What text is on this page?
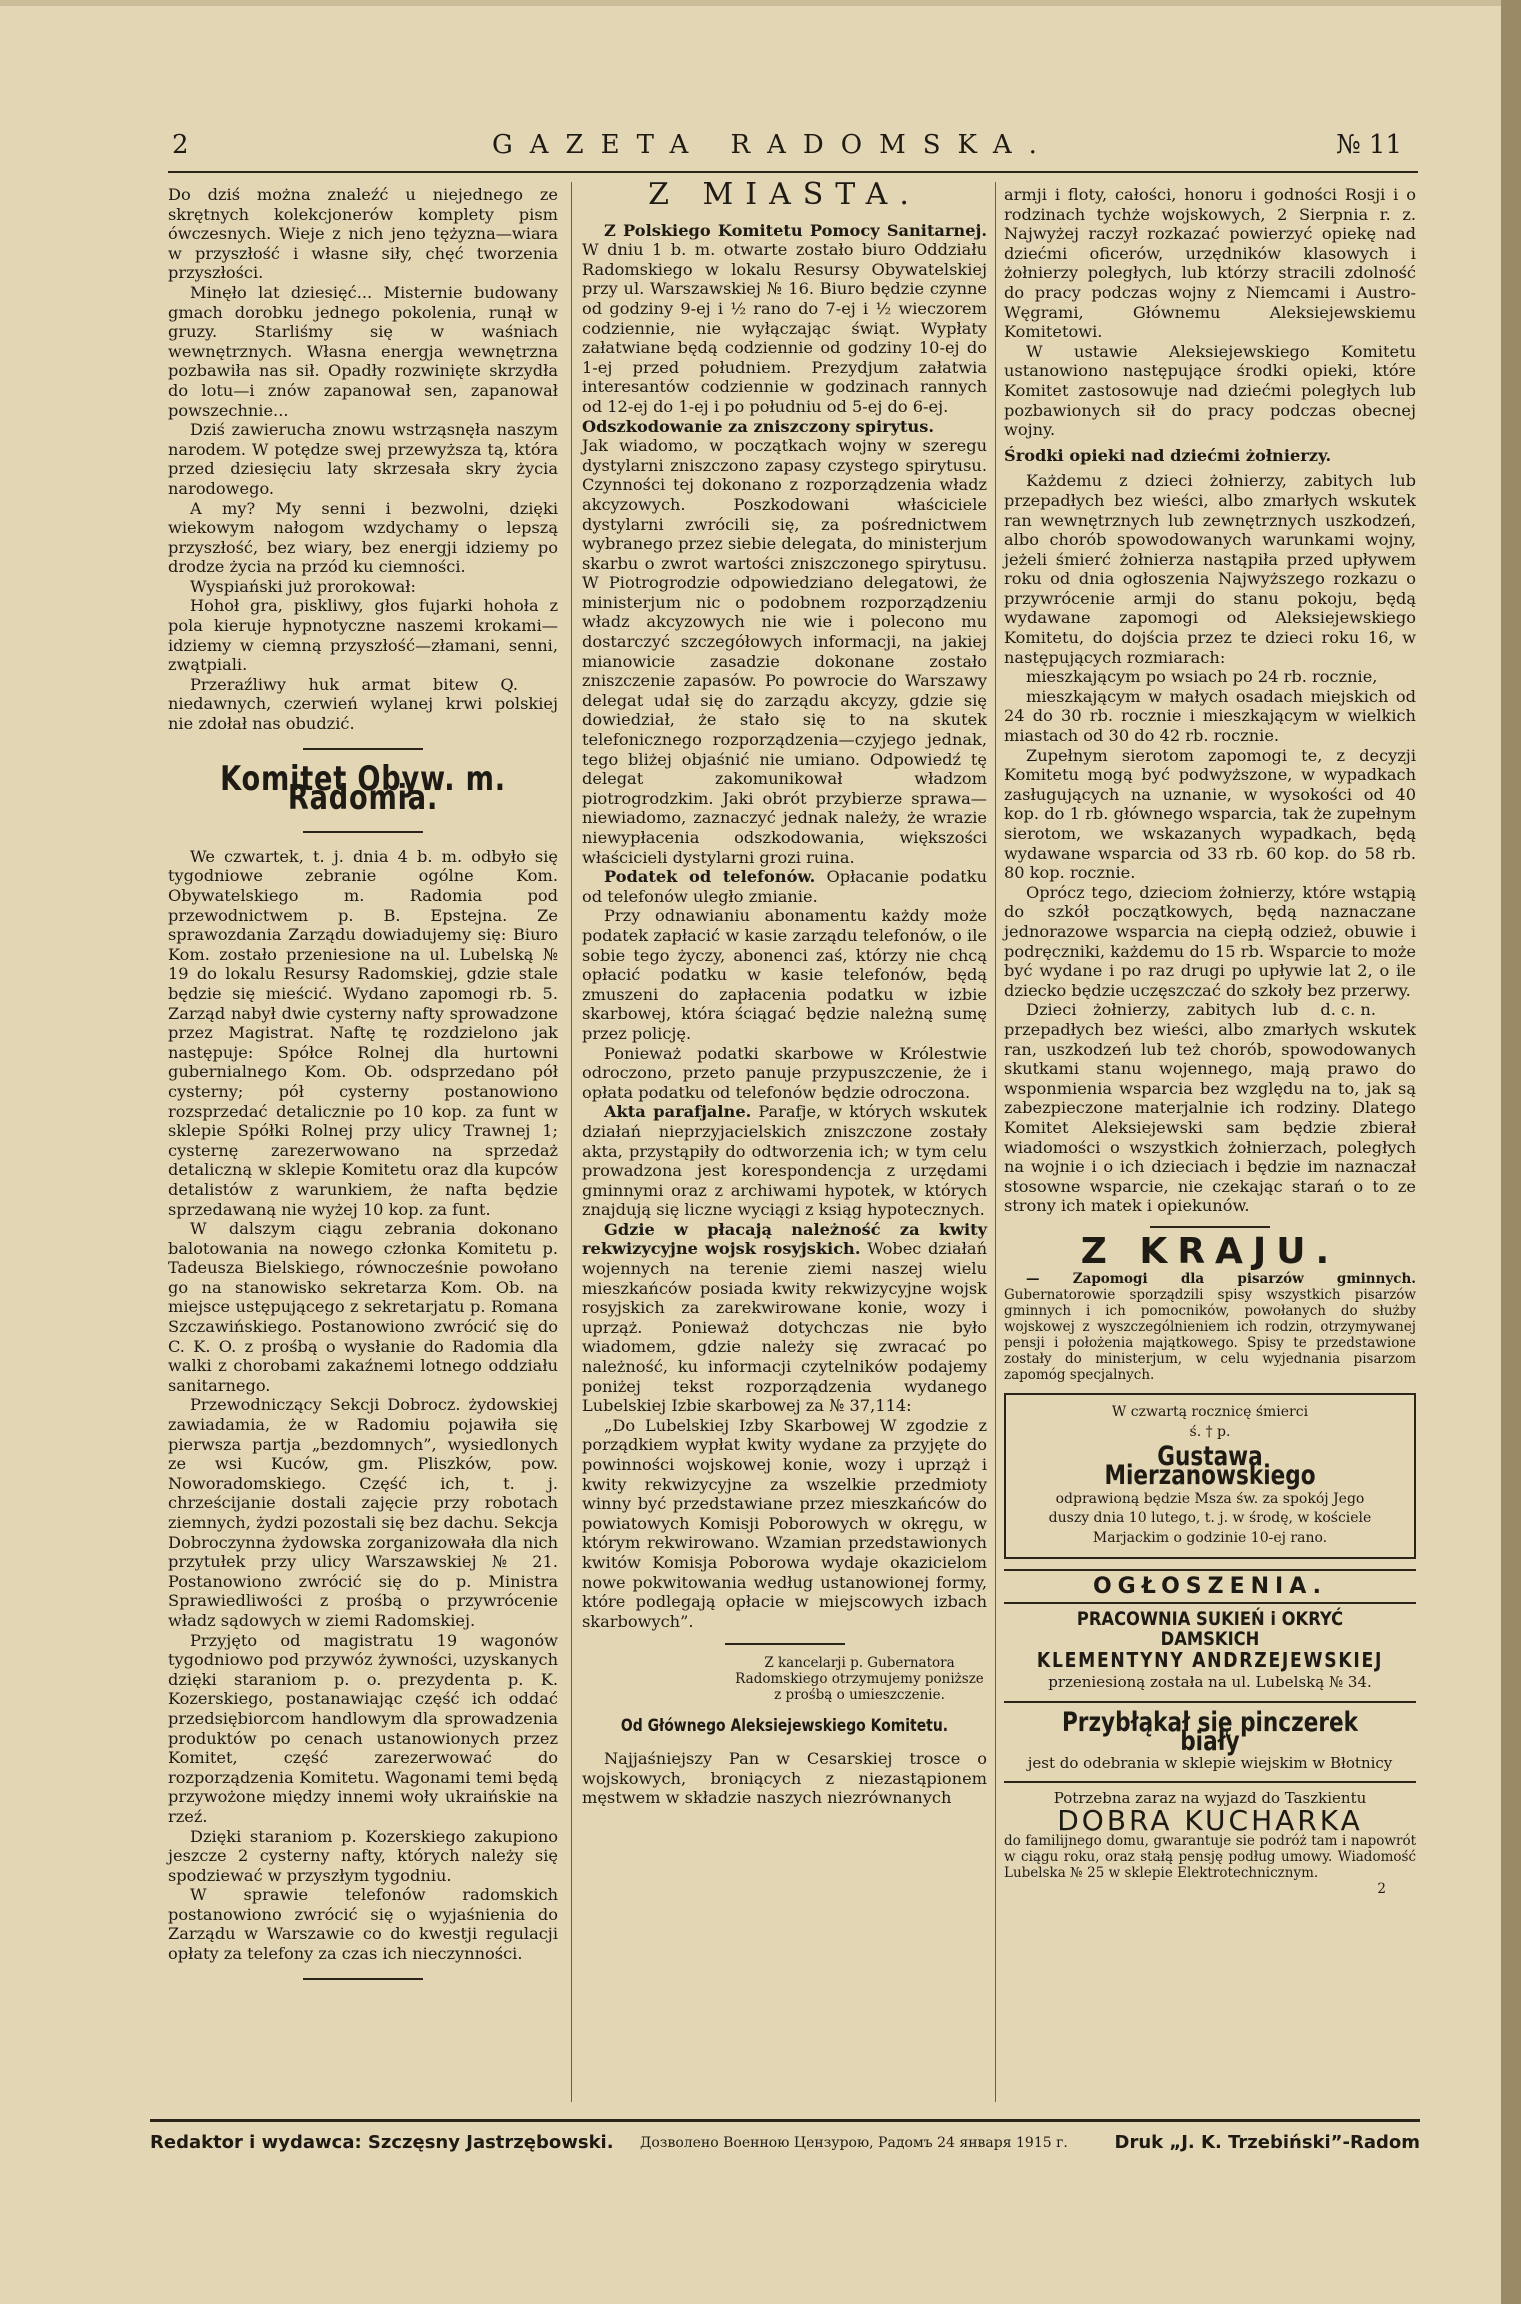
2	GAZETA RADOMSKA.	№ 11

Do dziś można znaleźć u niejednego ze skrętnych kolekcjonerów komplety pism ówczesnych. Wieje z nich jeno tężyzna—wiara w przyszłość i własne siły, chęć tworzenia przyszłości.

Minęło lat dziesięć... Misternie budowany gmach dorobku jednego pokolenia, runął w gruzy. Starliśmy się w waśniach wewnętrznych. Własna energja wewnętrzna pozbawiła nas sił. Opadły rozwinięte skrzydła do lotu—i znów zapanował sen, zapanował powszechnie...

Dziś zawierucha znowu wstrząsnęła naszym narodem. W potędze swej przewyższa tą, która przed dziesięciu laty skrzesała skry życia narodowego.

A my? My senni i bezwolni, dzięki wiekowym nałogom wzdychamy o lepszą przyszłość, bez wiary, bez energji idziemy po drodze życia na przód ku ciemności.

Wyspiański już prorokował:

Hohoł gra, piskliwy, głos fujarki hohoła z pola kieruje hypnotyczne naszemi krokami—idziemy w ciemną przyszłość—złamani, senni, zwątpiali.

Q.
Przeraźliwy huk armat bitew niedawnych, czerwień wylanej krwi polskiej nie zdołał nas obudzić.

Komitet Obyw. m. Radomia.

We czwartek, t. j. dnia 4 b. m. odbyło się tygodniowe zebranie ogólne Kom. Obywatelskiego m. Radomia pod przewodnictwem p. B. Epstejna. Ze sprawozdania Zarządu dowiadujemy się: Biuro Kom. zostało przeniesione na ul. Lubelską № 19 do lokalu Resursy Radomskiej, gdzie stale będzie się mieścić. Wydano zapomogi rb. 5. Zarząd nabył dwie cysterny nafty sprowadzone przez Magistrat. Naftę tę rozdzielono jak następuje: Spółce Rolnej dla hurtowni gubernialnego Kom. Ob. odsprzedano pół cysterny; pół cysterny postanowiono rozsprzedać detalicznie po 10 kop. za funt w sklepie Spółki Rolnej przy ulicy Trawnej 1; cysternę zarezerwowano na sprzedaż detaliczną w sklepie Komitetu oraz dla kupców detalistów z warunkiem, że nafta będzie sprzedawaną nie wyżej 10 kop. za funt.

W dalszym ciągu zebrania dokonano balotowania na nowego członka Komitetu p. Tadeusza Bielskiego, równocześnie powołano go na stanowisko sekretarza Kom. Ob. na miejsce ustępującego z sekretarjatu p. Romana Szczawińskiego. Postanowiono zwrócić się do C. K. O. z prośbą o wysłanie do Radomia dla walki z chorobami zakaźnemi lotnego oddziału sanitarnego.

Przewodniczący Sekcji Dobrocz. żydowskiej zawiadamia, że w Radomiu pojawiła się pierwsza partja „bezdomnych”, wysiedlonych ze wsi Kuców, gm. Pliszków, pow. Noworadomskiego. Część ich, t. j. chrześcijanie dostali zajęcie przy robotach ziemnych, żydzi pozostali się bez dachu. Sekcja Dobroczynna żydowska zorganizowała dla nich przytułek przy ulicy Warszawskiej № 21. Postanowiono zwrócić się do p. Ministra Sprawiedliwości z prośbą o przywrócenie władz sądowych w ziemi Radomskiej.

Przyjęto od magistratu 19 wagonów tygodniowo pod przywóz żywności, uzyskanych dzięki staraniom p. o. prezydenta p. K. Kozerskiego, postanawiając część ich oddać przedsiębiorcom handlowym dla sprowadzenia produktów po cenach ustanowionych przez Komitet, część zarezerwować do rozporządzenia Komitetu. Wagonami temi będą przywożone między innemi woły ukraińskie na rzeź.

Dzięki staraniom p. Kozerskiego zakupiono jeszcze 2 cysterny nafty, których należy się spodziewać w przyszłym tygodniu.

W sprawie telefonów radomskich postanowiono zwrócić się o wyjaśnienia do Zarządu w Warszawie co do kwestji regulacji opłaty za telefony za czas ich nieczynności.

Z MIASTA.

Z Polskiego Komitetu Pomocy Sanitarnej. W dniu 1 b. m. otwarte zostało biuro Oddziału Radomskiego w lokalu Resursy Obywatelskiej przy ul. Warszawskiej № 16. Biuro będzie czynne od godziny 9-ej i ½ rano do 7-ej i ½ wieczorem codziennie, nie wyłączając świąt. Wypłaty załatwiane będą codziennie od godziny 10-ej do 1-ej przed południem. Prezydjum załatwia interesantów codziennie w godzinach rannych od 12-ej do 1-ej i po południu od 5-ej do 6-ej.

Odszkodowanie za zniszczony spirytus.

Jak wiadomo, w początkach wojny w szeregu dystylarni zniszczono zapasy czystego spirytusu. Czynności tej dokonano z rozporządzenia władz akcyzowych. Poszkodowani właściciele dystylarni zwrócili się, za pośrednictwem wybranego przez siebie delegata, do ministerjum skarbu o zwrot wartości zniszczonego spirytusu. W Piotrogrodzie odpowiedziano delegatowi, że ministerjum nic o podobnem rozporządzeniu władz akcyzowych nie wie i polecono mu dostarczyć szczegółowych informacji, na jakiej mianowicie zasadzie dokonane zostało zniszczenie zapasów. Po powrocie do Warszawy delegat udał się do zarządu akcyzy, gdzie się dowiedział, że stało się to na skutek telefonicznego rozporządzenia—czyjego jednak, tego bliżej objaśnić nie umiano. Odpowiedź tę delegat zakomunikował władzom piotrogrodzkim. Jaki obrót przybierze sprawa—niewiadomo, zaznaczyć jednak należy, że wrazie niewypłacenia odszkodowania, większości właścicieli dystylarni grozi ruina.

Podatek od telefonów. Opłacanie podatku od telefonów uległo zmianie.

Przy odnawianiu abonamentu każdy może podatek zapłacić w kasie zarządu telefonów, o ile sobie tego życzy, abonenci zaś, którzy nie chcą opłacić podatku w kasie telefonów, będą zmuszeni do zapłacenia podatku w izbie skarbowej, która ściągać będzie należną sumę przez policję.

Ponieważ podatki skarbowe w Królestwie odroczono, przeto panuje przypuszczenie, że i opłata podatku od telefonów będzie odroczona.

Akta parafjalne. Parafje, w których wskutek działań nieprzyjacielskich zniszczone zostały akta, przystąpiły do odtworzenia ich; w tym celu prowadzona jest korespondencja z urzędami gminnymi oraz z archiwami hypotek, w których znajdują się liczne wyciągi z ksiąg hypotecznych.

Gdzie w płacają należność za kwity rekwizycyjne wojsk rosyjskich. Wobec działań wojennych na terenie ziemi naszej wielu mieszkańców posiada kwity rekwizycyjne wojsk rosyjskich za zarekwirowane konie, wozy i uprząż. Ponieważ dotychczas nie było wiadomem, gdzie należy się zwracać po należność, ku informacji czytelników podajemy poniżej tekst rozporządzenia wydanego Lubelskiej Izbie skarbowej za № 37,114:

„Do Lubelskiej Izby Skarbowej W zgodzie z porządkiem wypłat kwity wydane za przyjęte do powinności wojskowej konie, wozy i uprząż i kwity rekwizycyjne za wszelkie przedmioty winny być przedstawiane przez mieszkańców do powiatowych Komisji Poborowych w okręgu, w którym rekwirowano. Wzamian przedstawionych kwitów Komisja Poborowa wydaje okazicielom nowe pokwitowania według ustanowionej formy, które podlegają opłacie w miejscowych izbach skarbowych”.

Z kancelarji p. Gubernatora Radomskiego otrzymujemy poniższe z prośbą o umieszczenie.

Od Głównego Aleksiejewskiego Komitetu.

Najjaśniejszy Pan w Cesarskiej trosce o wojskowych, broniących z niezastąpionem męstwem w składzie naszych niezrównanych

armji i floty, całości, honoru i godności Rosji i o rodzinach tychże wojskowych, 2 Sierpnia r. z. Najwyżej raczył rozkazać powierzyć opiekę nad dziećmi oficerów, urzędników klasowych i żołnierzy poległych, lub którzy stracili zdolność do pracy podczas wojny z Niemcami i Austro-Węgrami, Głównemu Aleksiejewskiemu Komitetowi.

W ustawie Aleksiejewskiego Komitetu ustanowiono następujące środki opieki, które Komitet zastosowuje nad dziećmi poległych lub pozbawionych sił do pracy podczas obecnej wojny.

Środki opieki nad dziećmi żołnierzy.

Każdemu z dzieci żołnierzy, zabitych lub przepadłych bez wieści, albo zmarłych wskutek ran wewnętrznych lub zewnętrznych uszkodzeń, albo chorób spowodowanych warunkami wojny, jeżeli śmierć żołnierza nastąpiła przed upływem roku od dnia ogłoszenia Najwyższego rozkazu o przywrócenie armji do stanu pokoju, będą wydawane zapomogi od Aleksiejewskiego Komitetu, do dojścia przez te dzieci roku 16, w następujących rozmiarach:

mieszkającym po wsiach po 24 rb. rocznie,

mieszkającym w małych osadach miejskich od 24 do 30 rb. rocznie i mieszkającym w wielkich miastach od 30 do 42 rb. rocznie.

Zupełnym sierotom zapomogi te, z decyzji Komitetu mogą być podwyższone, w wypadkach zasługujących na uznanie, w wysokości od 40 kop. do 1 rb. głównego wsparcia, tak że zupełnym sierotom, we wskazanych wypadkach, będą wydawane wsparcia od 33 rb. 60 kop. do 58 rb. 80 kop. rocznie.

Oprócz tego, dzieciom żołnierzy, które wstąpią do szkół początkowych, będą naznaczane jednorazowe wsparcia na ciepłą odzież, obuwie i podręczniki, każdemu do 15 rb. Wsparcie to może być wydane i po raz drugi po upływie lat 2, o ile dziecko będzie uczęszczać do szkoły bez przerwy.

d. c. n.
Dzieci żołnierzy, zabitych lub przepadłych bez wieści, albo zmarłych wskutek ran, uszkodzeń lub też chorób, spowodowanych skutkami stanu wojennego, mają prawo do wsponmienia wsparcia bez względu na to, jak są zabezpieczone materjalnie ich rodziny. Dlatego Komitet Aleksiejewski sam będzie zbierał wiadomości o wszystkich żołnierzach, poległych na wojnie i o ich dzieciach i będzie im naznaczał stosowne wsparcie, nie czekając starań o to ze strony ich matek i opiekunów.

Z KRAJU.

— Zapomogi dla pisarzów gminnych. Gubernatorowie sporządzili spisy wszystkich pisarzów gminnych i ich pomocników, powołanych do służby wojskowej z wyszczególnieniem ich rodzin, otrzymywanej pensji i położenia majątkowego. Spisy te przedstawione zostały do ministerjum, w celu wyjednania pisarzom zapomóg specjalnych.

W czwartą rocznicę śmierci
ś. † p.
Gustawa Mierzanowskiego
odprawioną będzie Msza św. za spokój Jego duszy dnia 10 lutego, t. j. w środę, w kościele Marjackim o godzinie 10-ej rano.
OGŁOSZENIA.
PRACOWNIA SUKIEŃ i OKRYĆ DAMSKICH
KLEMENTYNY ANDRZEJEWSKIEJ
przeniesioną została na ul. Lubelską № 34.
Przybłąkał się pinczerek biały
jest do odebrania w sklepie wiejskim w Błotnicy
Potrzebna zaraz na wyjazd do Taszkientu
DOBRA KUCHARKA

do familijnego domu, gwarantuje sie podróż tam i napowrót w ciągu roku, oraz stałą pensję podług umowy. Wiadomość Lubelska № 25 w sklepie Elektrotechnicznym.

2
Redaktor i wydawca: Szczęsny Jastrzębowski. Дозволено Военною Цензурою, Радомъ 24 января 1915 г.	Druk „J. K. Trzebiński”-Radom
